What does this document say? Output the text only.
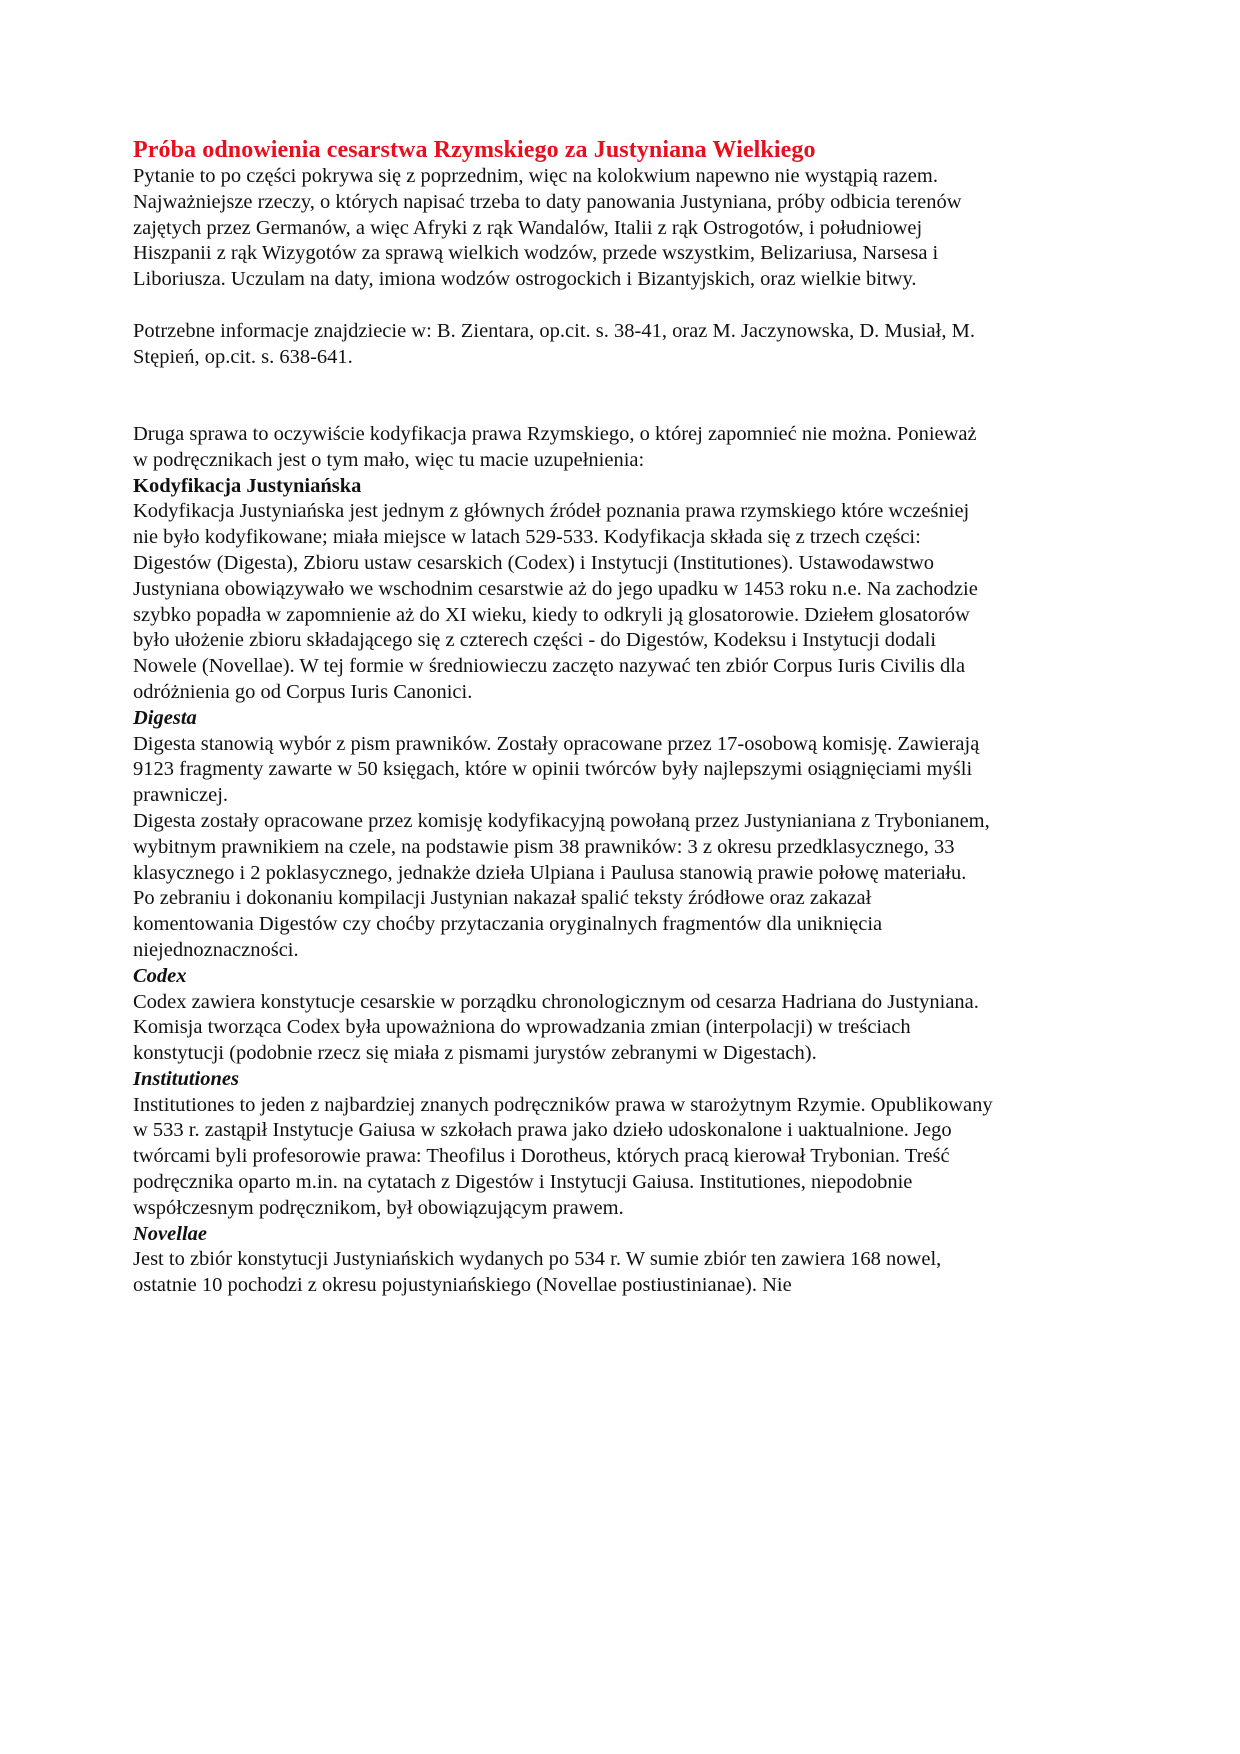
Próba odnowienia cesarstwa Rzymskiego za Justyniana Wielkiego

Pytanie to po części pokrywa się z poprzednim, więc na kolokwium napewno nie wystąpią razem. Najważniejsze rzeczy, o których napisać trzeba to daty panowania Justyniana, próby odbicia terenów zajętych przez Germanów, a więc Afryki z rąk Wandalów, Italii z rąk Ostrogotów, i południowej Hiszpanii z rąk Wizygotów za sprawą wielkich wodzów, przede wszystkim, Belizariusa, Narsesa i Liboriusza. Uczulam na daty, imiona wodzów ostrogockich i Bizantyjskich, oraz wielkie bitwy.

Potrzebne informacje znajdziecie w: B. Zientara, op.cit. s. 38-41, oraz M. Jaczynowska, D. Musiał, M. Stępień, op.cit. s. 638-641.

Druga sprawa to oczywiście kodyfikacja prawa Rzymskiego, o której zapomnieć nie można. Ponieważ w podręcznikach jest o tym mało, więc tu macie uzupełnienia:

Kodyfikacja Justyniańska

Kodyfikacja Justyniańska jest jednym z głównych źródeł poznania prawa rzymskiego które wcześniej nie było kodyfikowane; miała miejsce w latach 529-533. Kodyfikacja składa się z trzech części: Digestów (Digesta), Zbioru ustaw cesarskich (Codex) i Instytucji (Institutiones). Ustawodawstwo Justyniana obowiązywało we wschodnim cesarstwie aż do jego upadku w 1453 roku n.e. Na zachodzie szybko popadła w zapomnienie aż do XI wieku, kiedy to odkryli ją glosatorowie. Dziełem glosatorów było ułożenie zbioru składającego się z czterech części - do Digestów, Kodeksu i Instytucji dodali Nowele (Novellae). W tej formie w średniowieczu zaczęto nazywać ten zbiór Corpus Iuris Civilis dla odróżnienia go od Corpus Iuris Canonici.

Digesta

Digesta stanowią wybór z pism prawników. Zostały opracowane przez 17-osobową komisję. Zawierają 9123 fragmenty zawarte w 50 księgach, które w opinii twórców były najlepszymi osiągnięciami myśli prawniczej.

Digesta zostały opracowane przez komisję kodyfikacyjną powołaną przez Justynianiana z Trybonianem, wybitnym prawnikiem na czele, na podstawie pism 38 prawników: 3 z okresu przedklasycznego, 33 klasycznego i 2 poklasycznego, jednakże dzieła Ulpiana i Paulusa stanowią prawie połowę materiału. Po zebraniu i dokonaniu kompilacji Justynian nakazał spalić teksty źródłowe oraz zakazał komentowania Digestów czy choćby przytaczania oryginalnych fragmentów dla uniknięcia niejednoznaczności.

Codex

Codex zawiera konstytucje cesarskie w porządku chronologicznym od cesarza Hadriana do Justyniana. Komisja tworząca Codex była upoważniona do wprowadzania zmian (interpolacji) w treściach konstytucji (podobnie rzecz się miała z pismami jurystów zebranymi w Digestach).

Institutiones

Institutiones to jeden z najbardziej znanych podręczników prawa w starożytnym Rzymie. Opublikowany w 533 r. zastąpił Instytucje Gaiusa w szkołach prawa jako dzieło udoskonalone i uaktualnione. Jego twórcami byli profesorowie prawa: Theofilus i Dorotheus, których pracą kierował Trybonian. Treść podręcznika oparto m.in. na cytatach z Digestów i Instytucji Gaiusa. Institutiones, niepodobnie współczesnym podręcznikom, był obowiązującym prawem.

Novellae

Jest to zbiór konstytucji Justyniańskich wydanych po 534 r. W sumie zbiór ten zawiera 168 nowel, ostatnie 10 pochodzi z okresu pojustyniańskiego (Novellae postiustinianae). Nie
